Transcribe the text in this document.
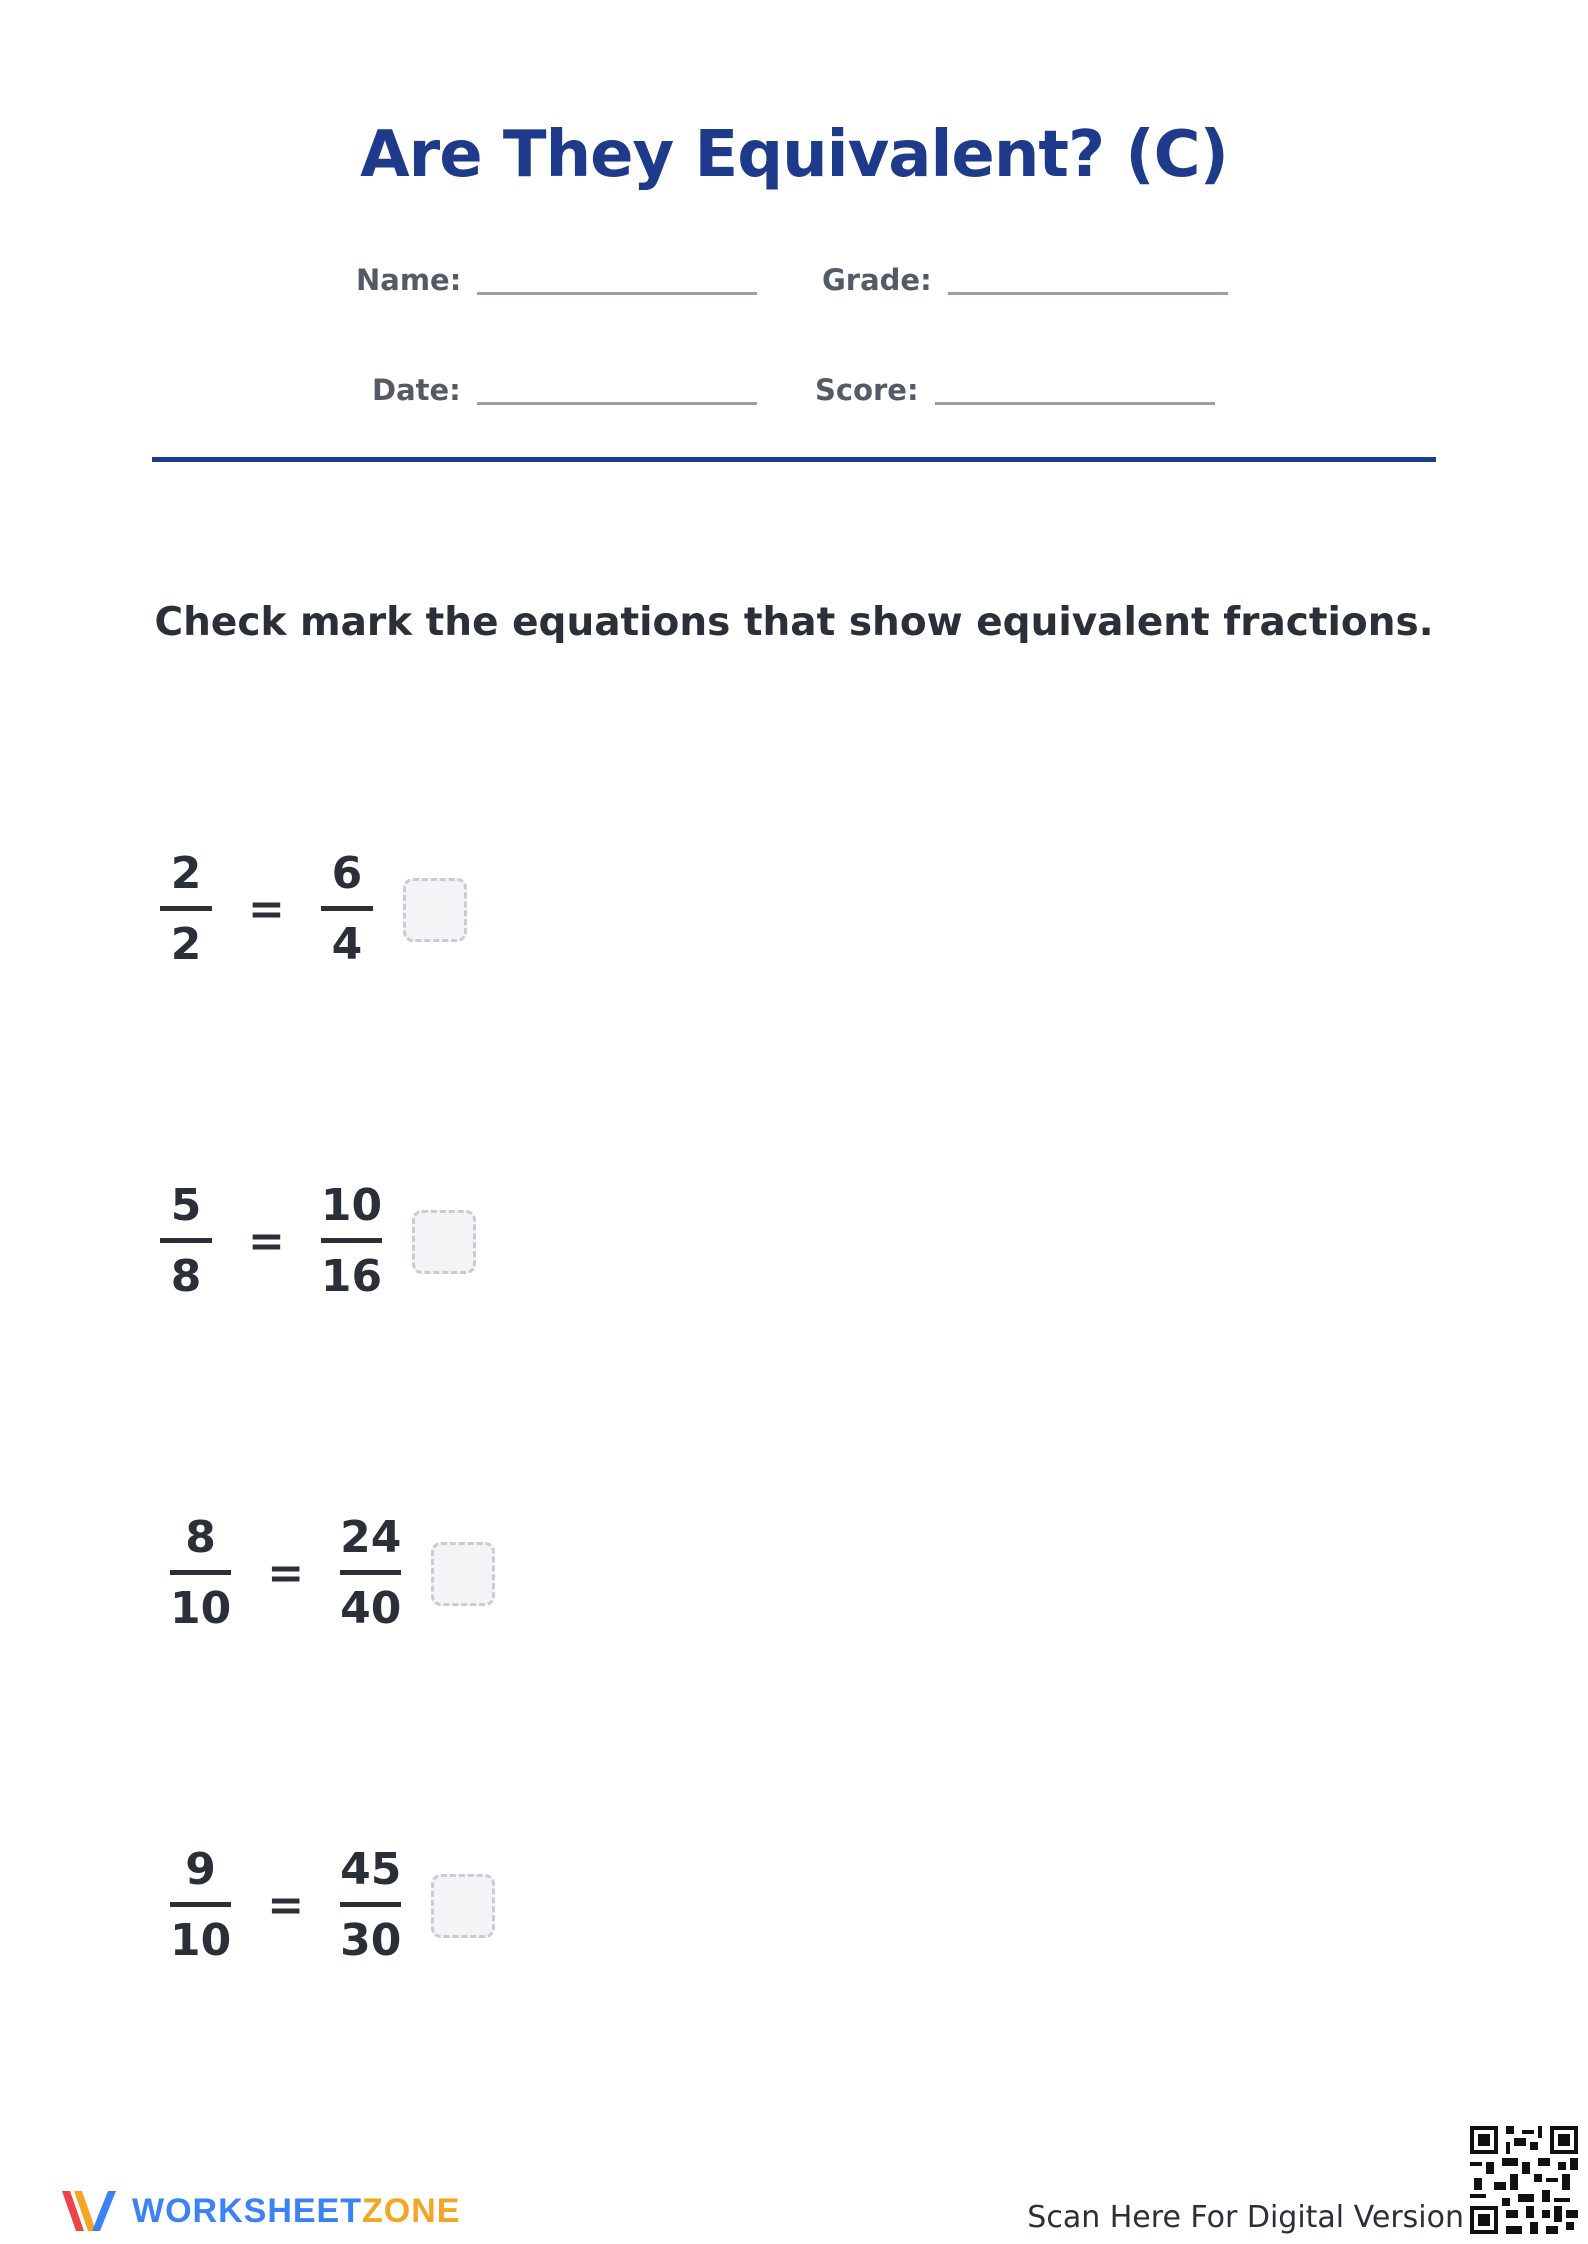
Are They Equivalent? (C)
Name:	Grade:
Date:	Score:

Check mark the equations that show equivalent fractions.

2
2
=
6
4
5
8
=
10
16
8
10
=
24
40
9
10
=
45
30
WORKSHEETZONE	Scan Here For Digital Version
